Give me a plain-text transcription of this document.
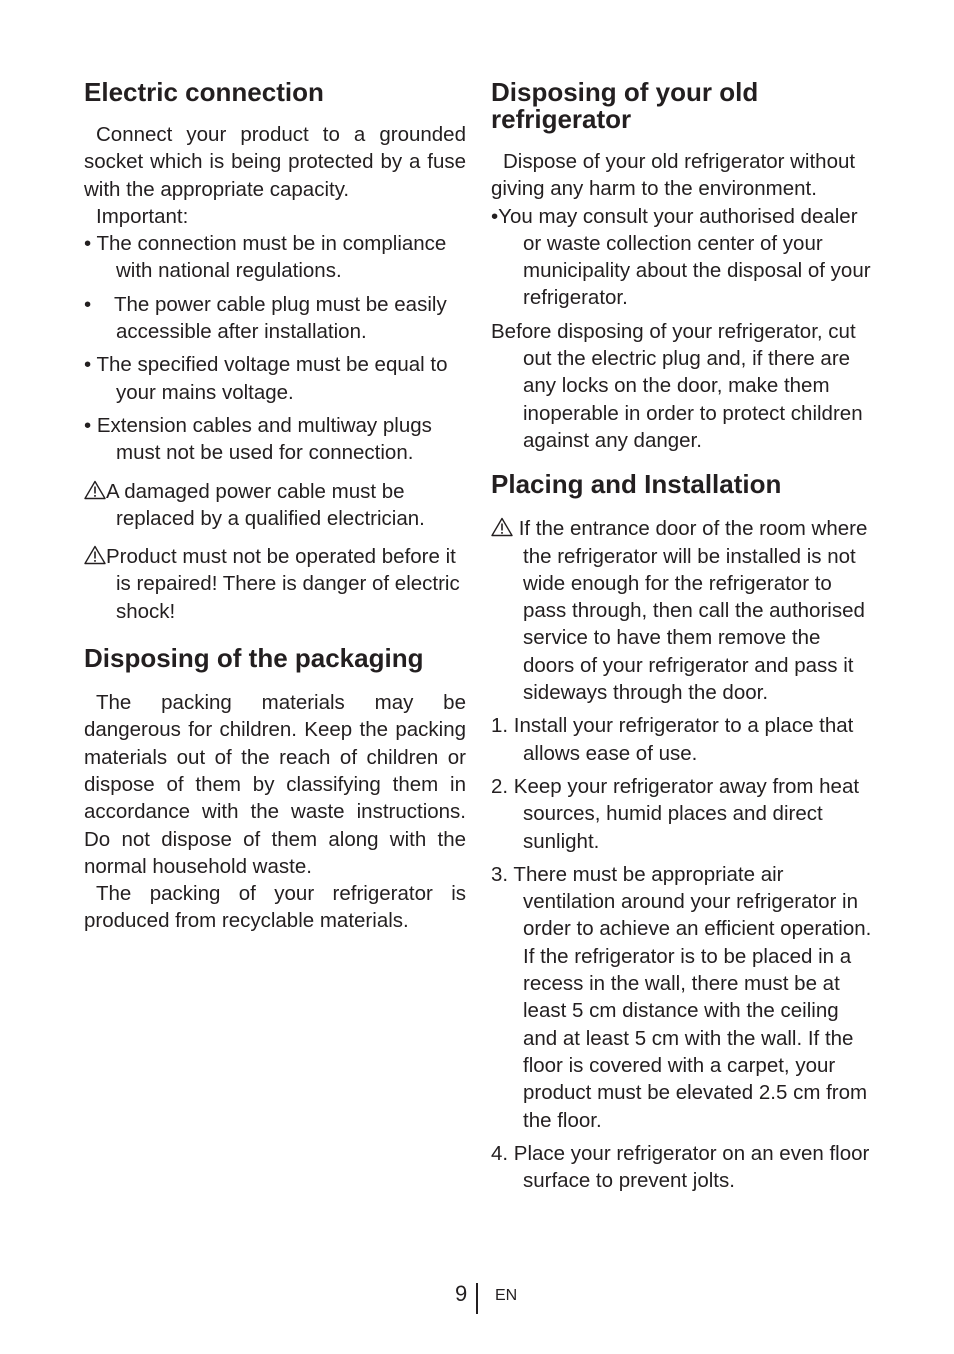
Electric connection

Connect your product to a grounded socket which is being protected by a fuse with the appropriate capacity.

Important:

• The connection must be in compliance with national regulations.

•    The power cable plug must be easily accessible after installation.

• The specified voltage must be equal to your mains voltage.

• Extension cables and multiway plugs must not be used for connection.

A damaged power cable must be replaced by a qualified electrician.

Product must not be operated before it is repaired! There is danger of electric shock!

Disposing of the packaging

The packing materials may be dangerous for children. Keep the packing materials out of the reach of children or dispose of them by classifying them in accordance with the waste instructions. Do not dispose of them along with the normal household waste.

The packing of your refrigerator is produced from recyclable materials.

Disposing of your old
refrigerator

Dispose of your old refrigerator without giving any harm to the environment.

•You may consult your authorised dealer or waste collection center of your municipality about the disposal of your refrigerator.

Before disposing of your refrigerator, cut out the electric plug and, if there are any locks on the door, make them inoperable in order to protect children against any danger.

Placing and Installation

If the entrance door of the room where the refrigerator will be installed is not wide enough for the refrigerator to pass through, then call the authorised service to have them remove the doors of your refrigerator and pass it sideways through the door.

1. Install your refrigerator to a place that allows ease of use.

2. Keep your refrigerator away from heat sources, humid places and direct sunlight.

3. There must be appropriate air ventilation around your refrigerator in order to achieve an efficient operation. If the refrigerator is to be placed in a recess in the wall, there must be at least 5 cm distance with the ceiling and at least 5 cm with the wall. If the floor is covered with a carpet, your product must be elevated 2.5 cm from the floor.

4. Place your refrigerator on an even floor surface to prevent jolts.

9 EN
